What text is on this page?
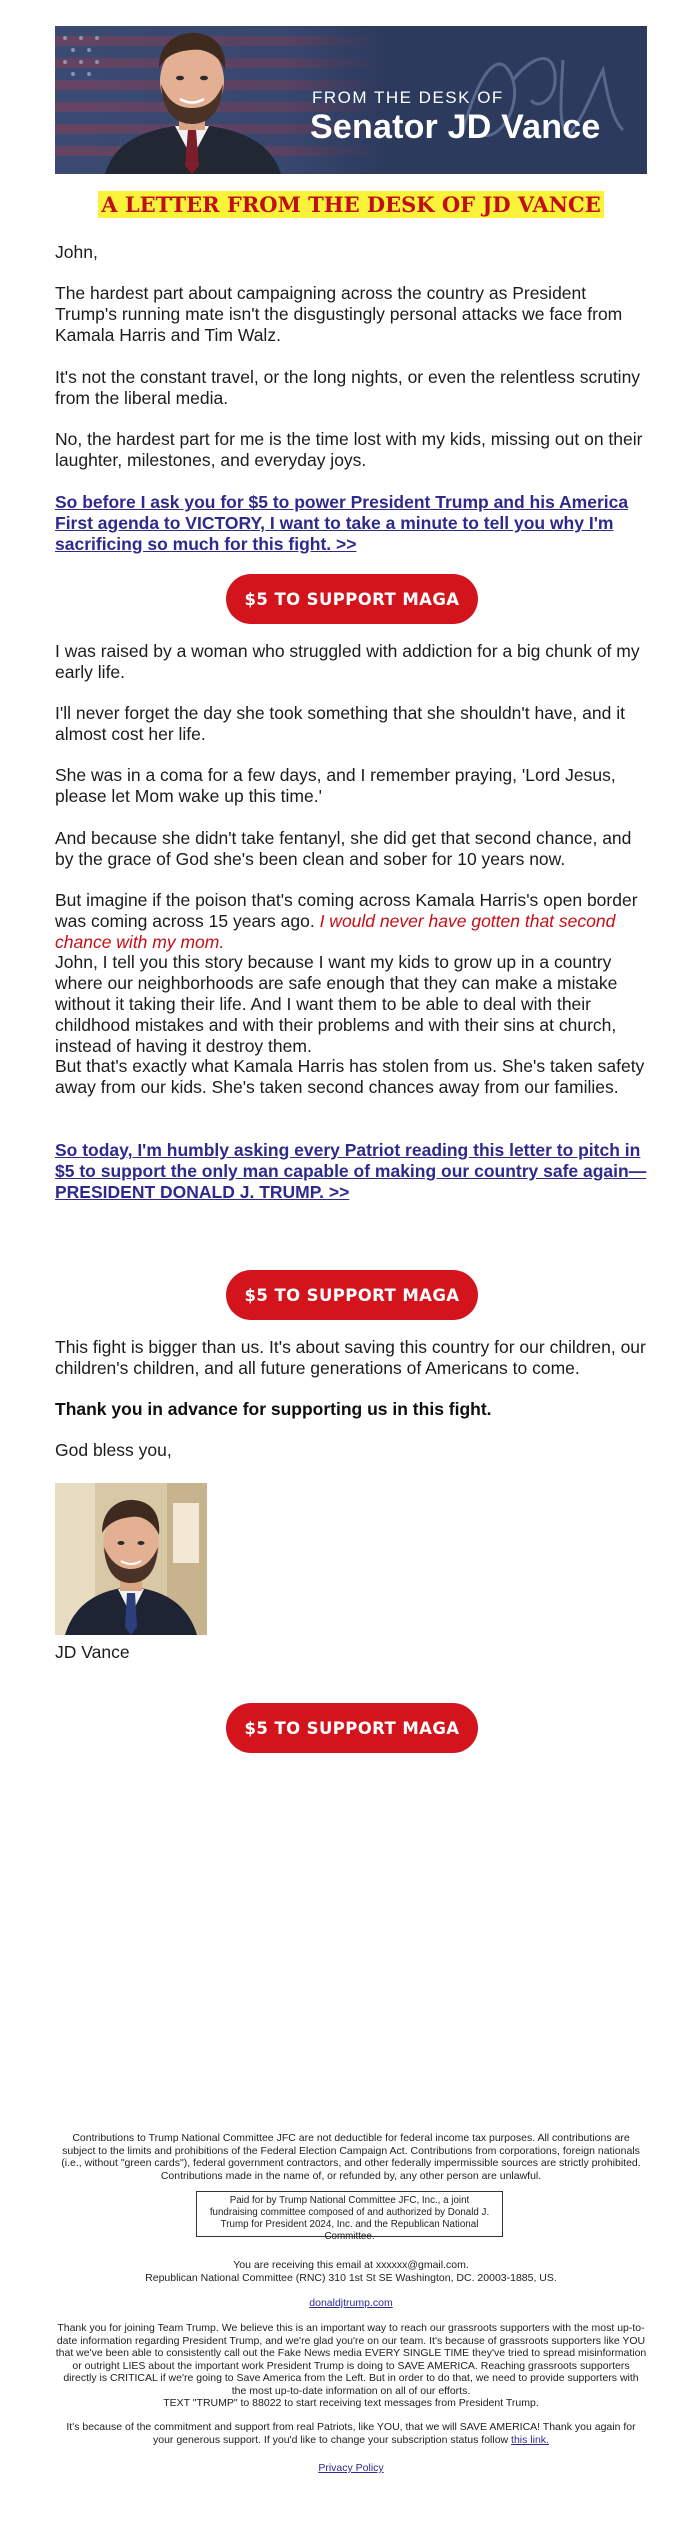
FROM THE DESK OF
Senator JD Vance
A LETTER FROM THE DESK OF JD VANCE

John,

The hardest part about campaigning across the country as President Trump's running mate isn't the disgustingly personal attacks we face from Kamala Harris and Tim Walz.

It's not the constant travel, or the long nights, or even the relentless scrutiny from the liberal media.

No, the hardest part for me is the time lost with my kids, missing out on their laughter, milestones, and everyday joys.

So before I ask you for $5 to power President Trump and his America First agenda to VICTORY, I want to take a minute to tell you why I'm sacrificing so much for this fight. >>

$5 TO SUPPORT MAGA

I was raised by a woman who struggled with addiction for a big chunk of my early life.

I'll never forget the day she took something that she shouldn't have, and it almost cost her life.

She was in a coma for a few days, and I remember praying, 'Lord Jesus, please let Mom wake up this time.'

And because she didn't take fentanyl, she did get that second chance, and by the grace of God she's been clean and sober for 10 years now.

But imagine if the poison that's coming across Kamala Harris's open border was coming across 15 years ago. I would never have gotten that second chance with my mom.

John, I tell you this story because I want my kids to grow up in a country where our neighborhoods are safe enough that they can make a mistake without it taking their life. And I want them to be able to deal with their childhood mistakes and with their problems and with their sins at church, instead of having it destroy them.

But that's exactly what Kamala Harris has stolen from us. She's taken safety away from our kids. She's taken second chances away from our families.

So today, I'm humbly asking every Patriot reading this letter to pitch in $5 to support the only man capable of making our country safe again—PRESIDENT DONALD J. TRUMP. >>

$5 TO SUPPORT MAGA

This fight is bigger than us. It's about saving this country for our children, our children's children, and all future generations of Americans to come.

Thank you in advance for supporting us in this fight.

God bless you,

JD Vance

$5 TO SUPPORT MAGA
Contributions to Trump National Committee JFC are not deductible for federal income tax purposes. All contributions are subject to the limits and prohibitions of the Federal Election Campaign Act. Contributions from corporations, foreign nationals (i.e., without "green cards"), federal government contractors, and other federally impermissible sources are strictly prohibited. Contributions made in the name of, or refunded by, any other person are unlawful.
Paid for by Trump National Committee JFC, Inc., a joint fundraising committee composed of and authorized by Donald J. Trump for President 2024, Inc. and the Republican National Committee.
You are receiving this email at xxxxxx@gmail.com.
Republican National Committee (RNC) 310 1st St SE Washington, DC. 20003-1885, US.
donaldjtrump.com
Thank you for joining Team Trump. We believe this is an important way to reach our grassroots supporters with the most up-to-date information regarding President Trump, and we're glad you're on our team. It's because of grassroots supporters like YOU that we've been able to consistently call out the Fake News media EVERY SINGLE TIME they've tried to spread misinformation or outright LIES about the important work President Trump is doing to SAVE AMERICA. Reaching grassroots supporters directly is CRITICAL if we're going to Save America from the Left. But in order to do that, we need to provide supporters with the most up-to-date information on all of our efforts.
TEXT "TRUMP" to 88022 to start receiving text messages from President Trump.
It's because of the commitment and support from real Patriots, like YOU, that we will SAVE AMERICA! Thank you again for your generous support. If you'd like to change your subscription status follow this link.
Privacy Policy
